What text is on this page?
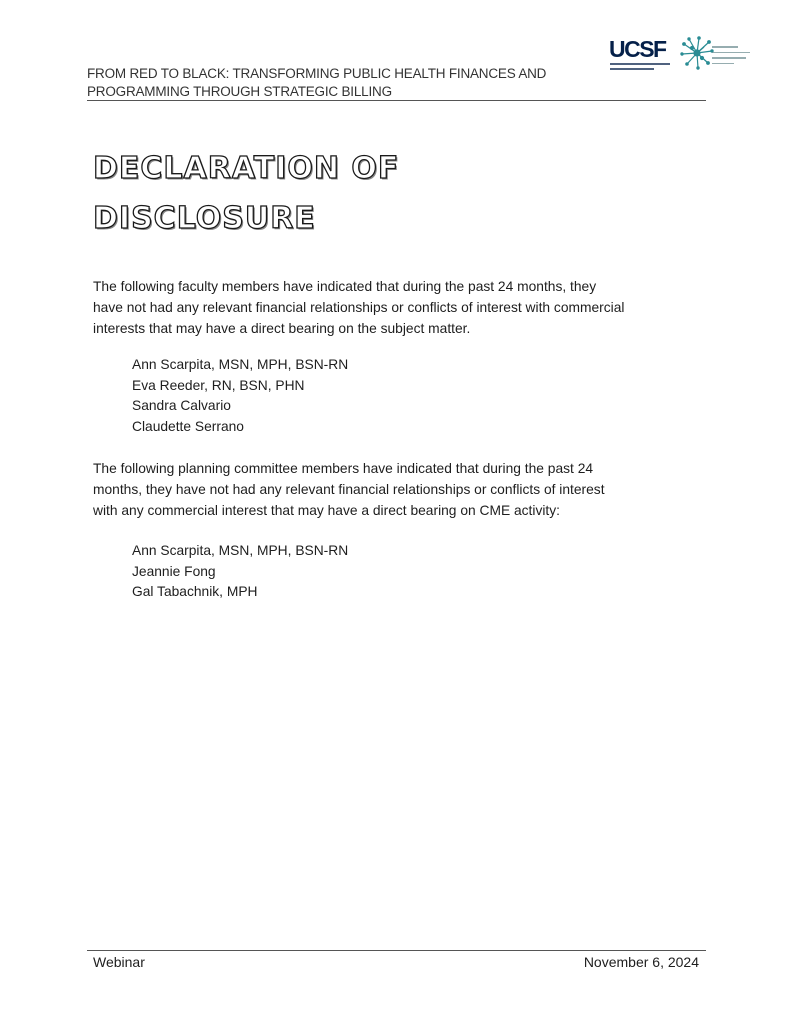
FROM RED TO BLACK: TRANSFORMING PUBLIC HEALTH FINANCES AND
PROGRAMMING THROUGH STRATEGIC BILLING
UCSF
DECLARATION OF
DISCLOSURE
The following faculty members have indicated that during the past 24 months, they
have not had any relevant financial relationships or conflicts of interest with commercial
interests that may have a direct bearing on the subject matter.
Ann Scarpita, MSN, MPH, BSN-RN
Eva Reeder, RN, BSN, PHN
Sandra Calvario
Claudette Serrano
The following planning committee members have indicated that during the past 24
months, they have not had any relevant financial relationships or conflicts of interest
with any commercial interest that may have a direct bearing on CME activity:
Ann Scarpita, MSN, MPH, BSN-RN
Jeannie Fong
Gal Tabachnik, MPH
Webinar	November 6, 2024
